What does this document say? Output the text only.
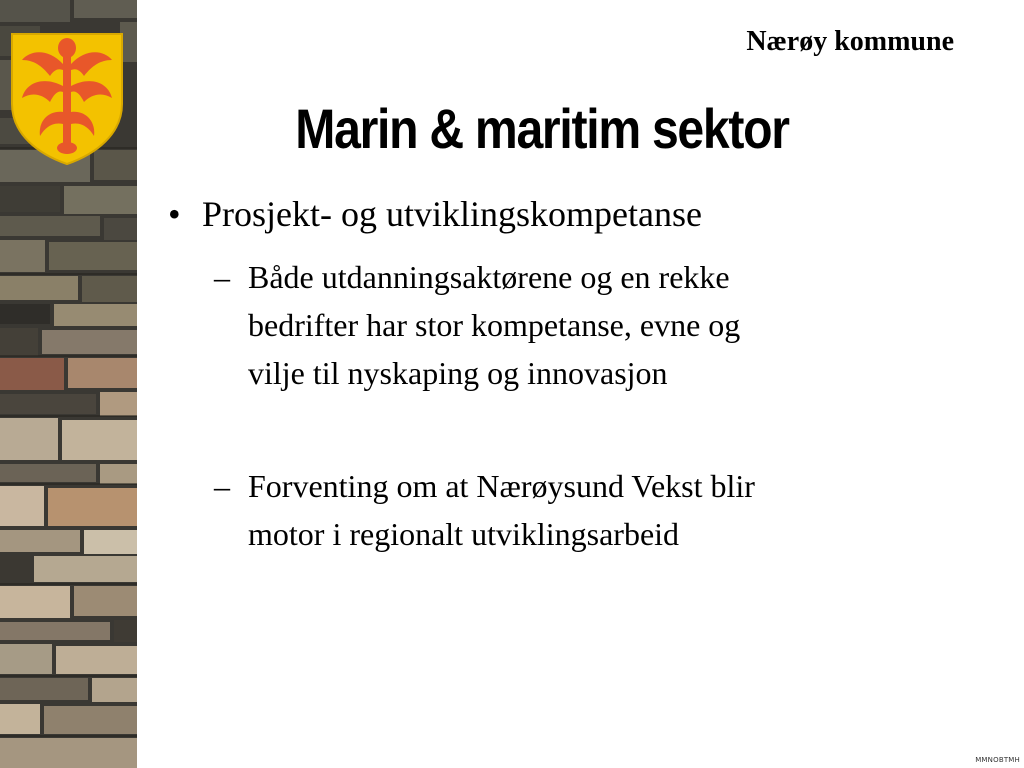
Nærøy kommune
Marin & maritim sektor
• Prosjekt- og utviklingskompetanse
– Både utdanningsaktørene og en rekke
bedrifter har stor kompetanse, evne og
vilje til nyskaping og innovasjon
– Forventing om at Nærøysund Vekst blir
motor i regionalt utviklingsarbeid
MMNOBTMH
